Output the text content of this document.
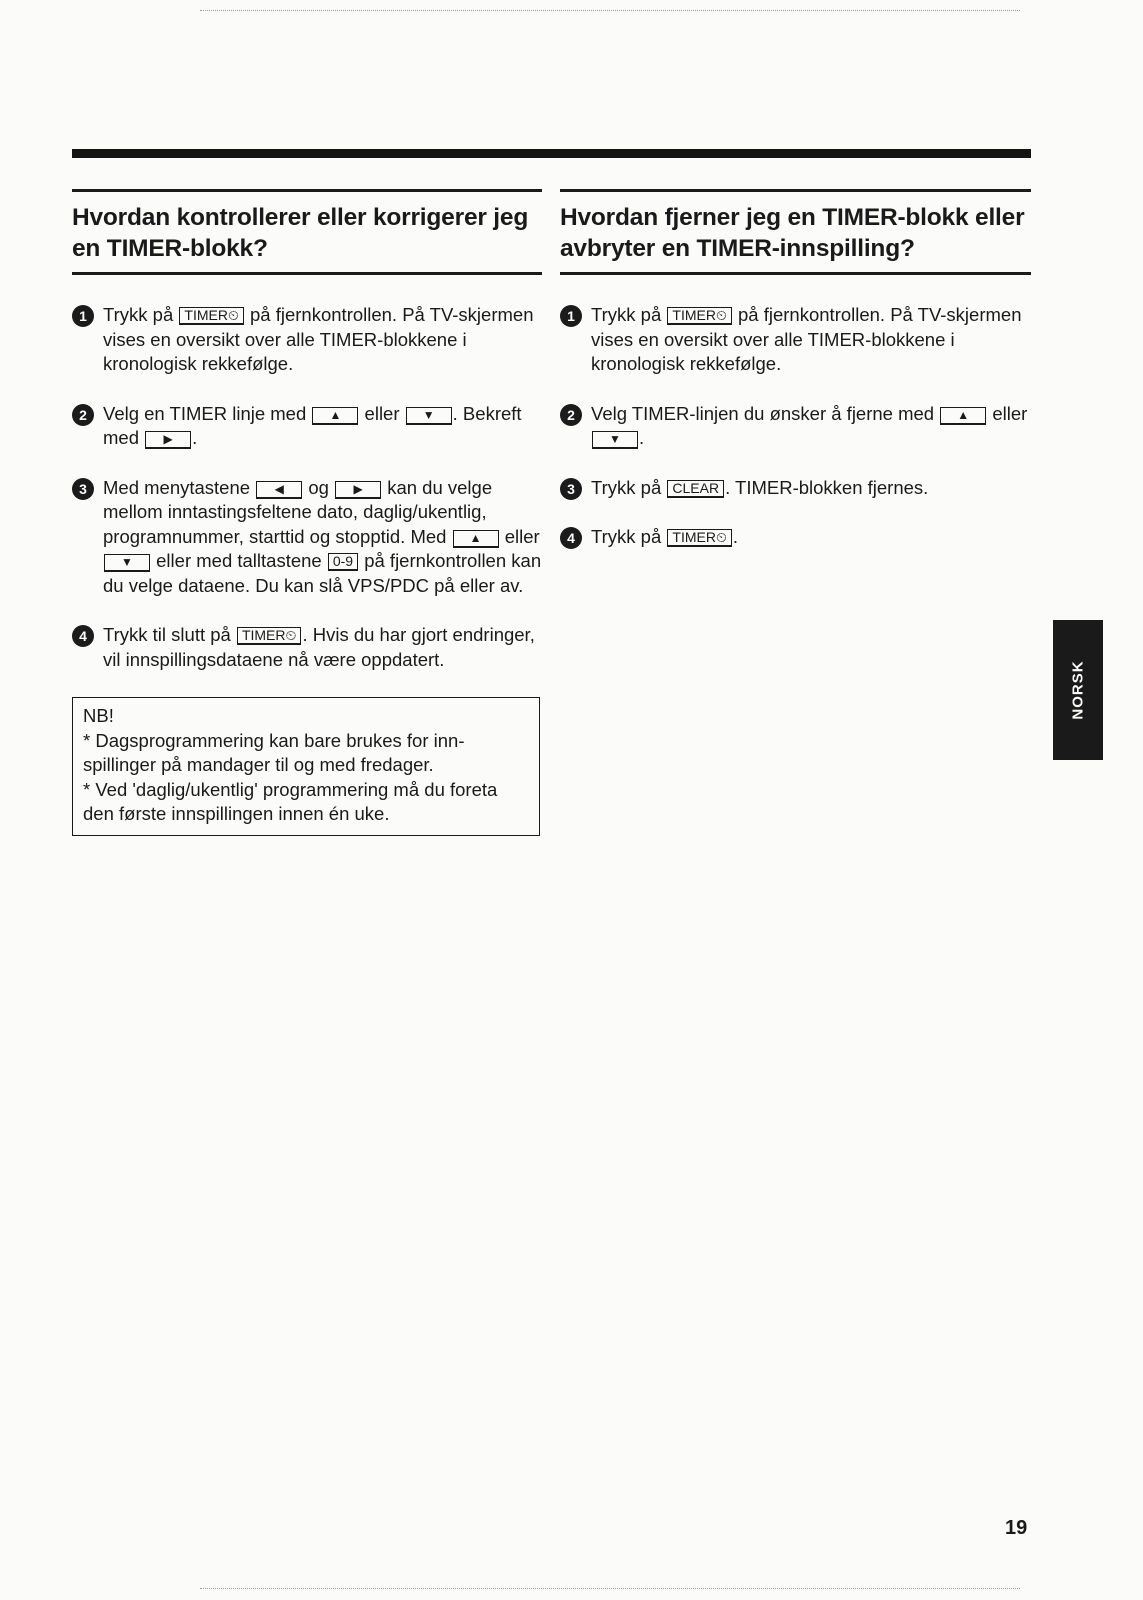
Hvordan kontrollerer eller korrigerer jeg en TIMER-blokk?
1 Trykk på TIMER⏲ på fjernkontrollen. På TV-skjermen vises en oversikt over alle TIMER-blokkene i kronologisk rekkefølge.
2 Velg en TIMER linje med ▲ eller ▼ . Bekreft med ▶ .
3 Med menytastene ◀ og ▶ kan du velge mellom inntastingsfeltene dato, daglig/ukentlig, programnummer, starttid og stopptid. Med ▲ eller ▼ eller med talltastene 0-9 på fjernkontrollen kan du velge dataene. Du kan slå VPS/PDC på eller av.
4 Trykk til slutt på TIMER⏲ . Hvis du har gjort endringer, vil innspillingsdataene nå være oppdatert.
NB!
* Dagsprogrammering kan bare brukes for inn-spillinger på mandager til og med fredager.
* Ved 'daglig/ukentlig' programmering må du foreta den første innspillingen innen én uke.
Hvordan fjerner jeg en TIMER-blokk eller avbryter en TIMER-innspilling?
1 Trykk på TIMER⏲ på fjernkontrollen. På TV-skjermen vises en oversikt over alle TIMER-blokkene i kronologisk rekkefølge.
2 Velg TIMER-linjen du ønsker å fjerne med ▲ eller ▼ .
3 Trykk på CLEAR . TIMER-blokken fjernes.
4 Trykk på TIMER⏲ .
NORSK
19
